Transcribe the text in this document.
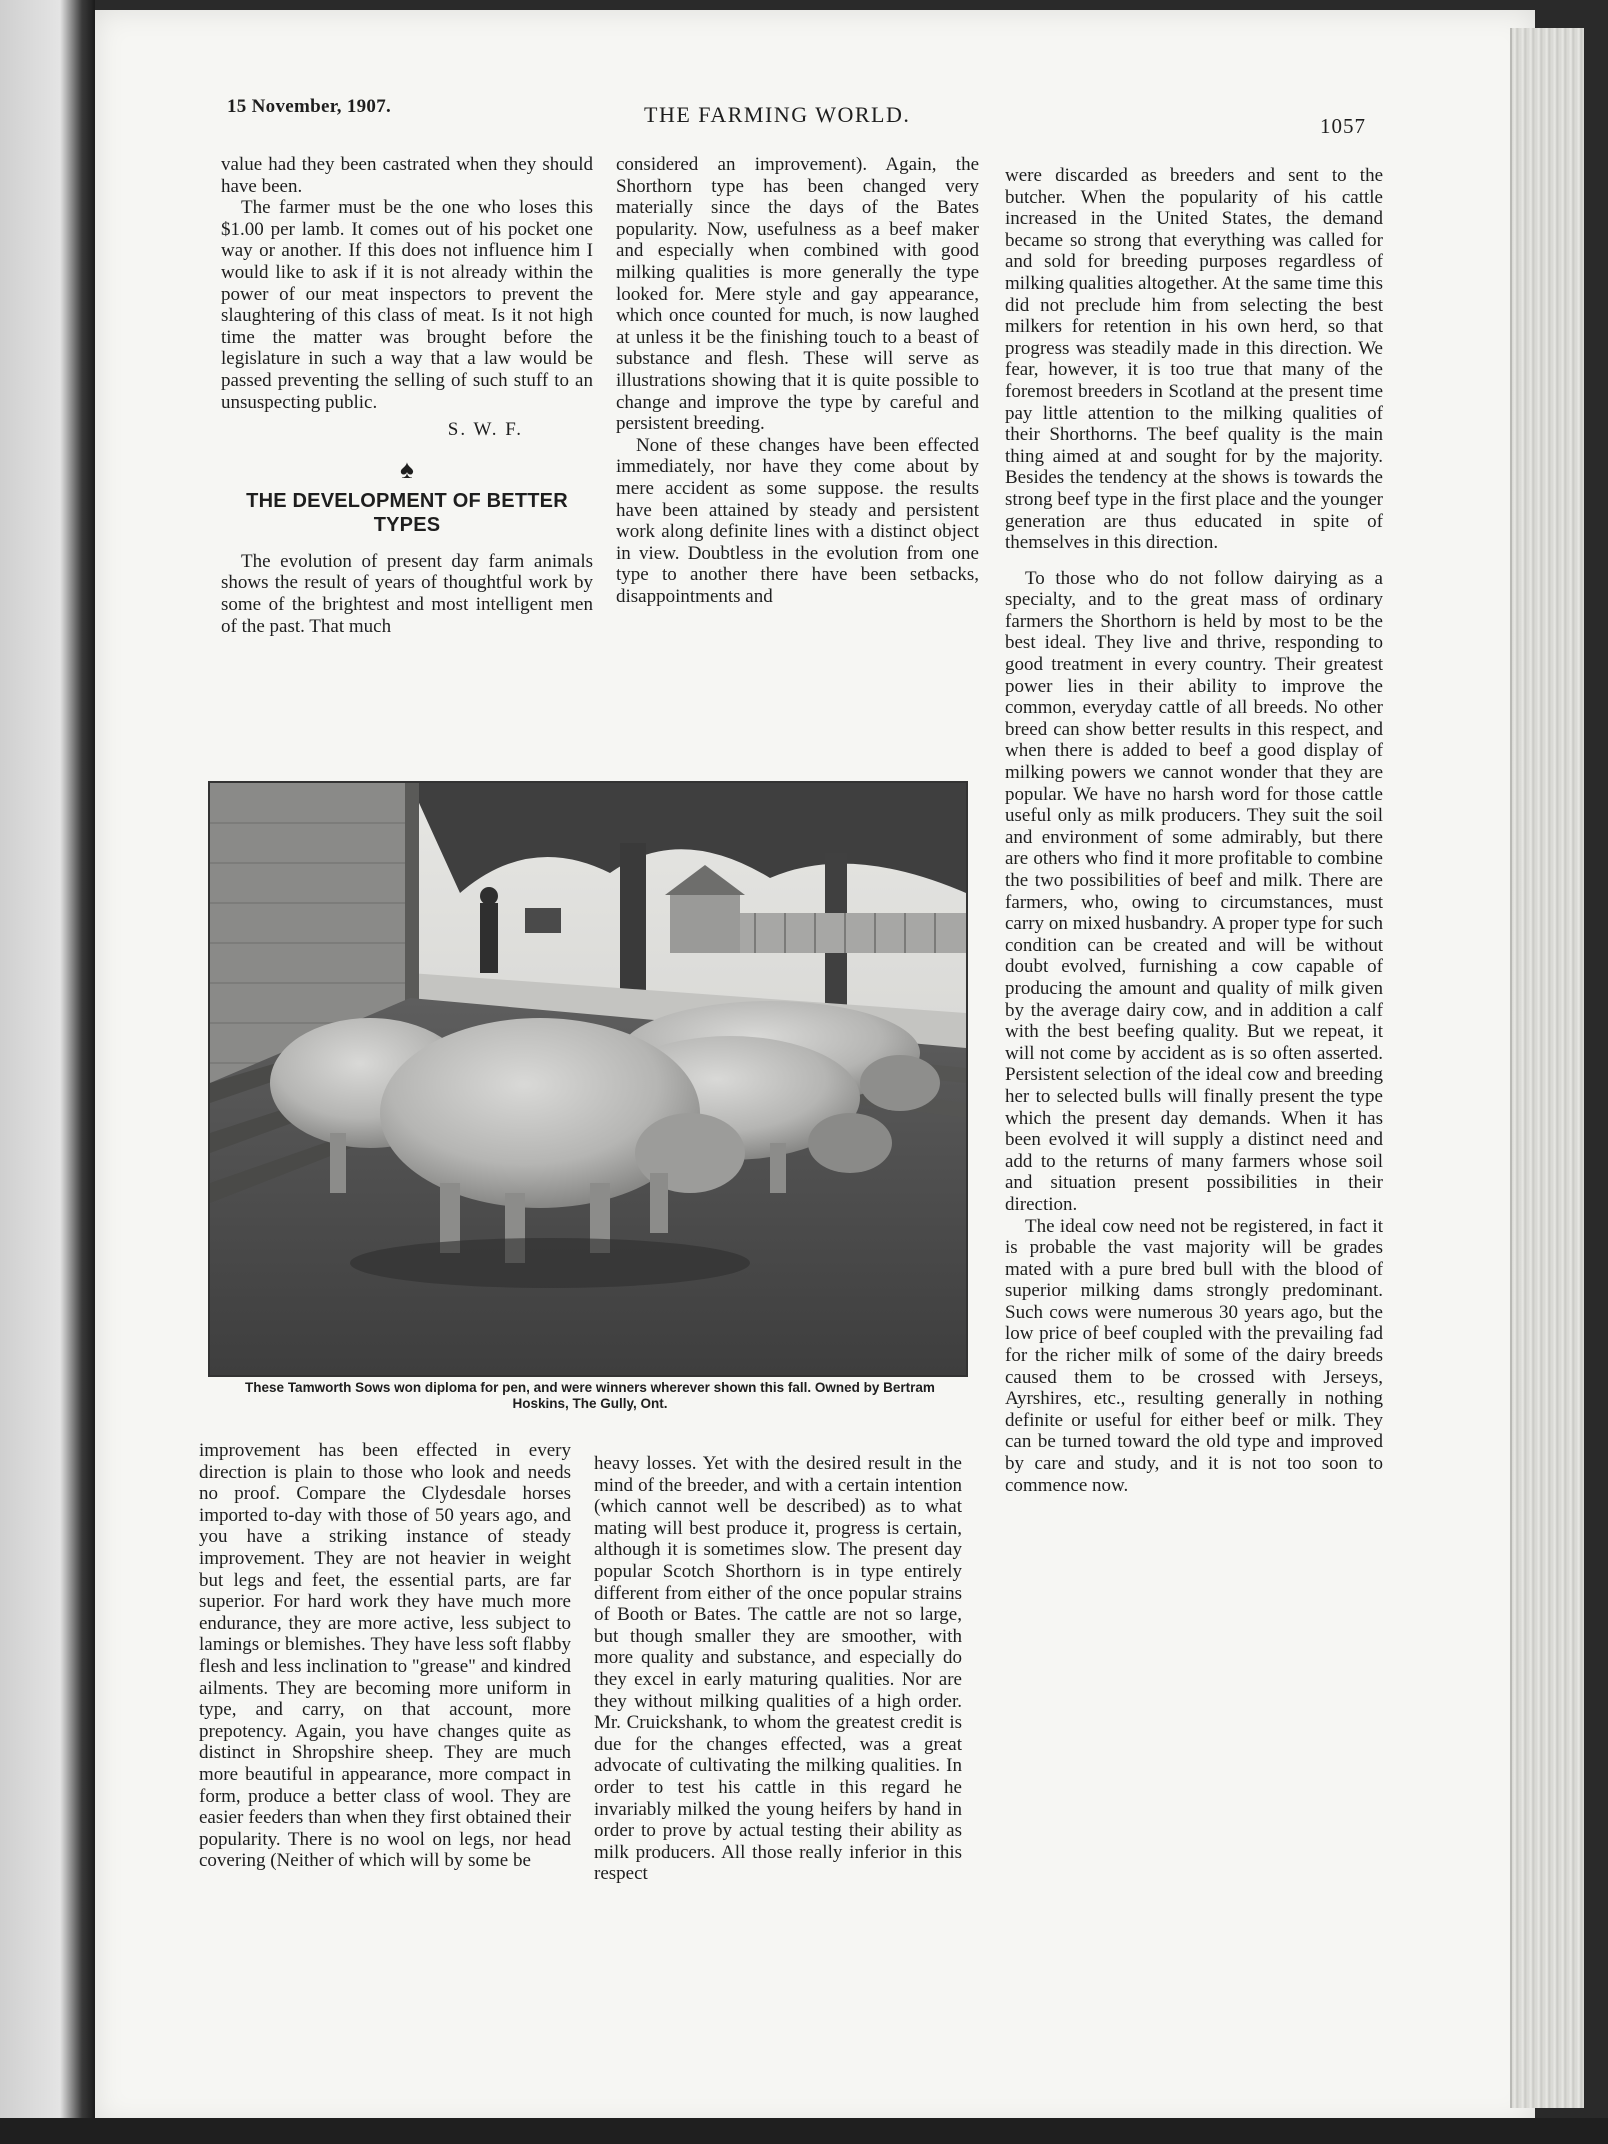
15 November, 1907.	THE FARMING WORLD.	1057

value had they been castrated when they should have been.

The farmer must be the one who loses this $1.00 per lamb. It comes out of his pocket one way or another. If this does not influence him I would like to ask if it is not already within the power of our meat inspectors to prevent the slaughtering of this class of meat. Is it not high time the matter was brought before the legislature in such a way that a law would be passed preventing the selling of such stuff to an unsuspecting public.

S. W. F.
♠
THE DEVELOPMENT OF BETTER TYPES

The evolution of present day farm animals shows the result of years of thoughtful work by some of the brightest and most intelligent men of the past. That much

considered an improvement). Again, the Shorthorn type has been changed very materially since the days of the Bates popularity. Now, usefulness as a beef maker and especially when combined with good milking qualities is more generally the type looked for. Mere style and gay appearance, which once counted for much, is now laughed at unless it be the finishing touch to a beast of substance and flesh. These will serve as illustrations showing that it is quite possible to change and improve the type by careful and persistent breeding.

None of these changes have been effected immediately, nor have they come about by mere accident as some suppose. the results have been attained by steady and persistent work along definite lines with a distinct object in view. Doubtless in the evolution from one type to another there have been setbacks, disappointments and

were discarded as breeders and sent to the butcher. When the popularity of his cattle increased in the United States, the demand became so strong that everything was called for and sold for breeding purposes regardless of milking qualities altogether. At the same time this did not preclude him from selecting the best milkers for retention in his own herd, so that progress was steadily made in this direction. We fear, however, it is too true that many of the foremost breeders in Scotland at the present time pay little attention to the milking qualities of their Shorthorns. The beef quality is the main thing aimed at and sought for by the majority. Besides the tendency at the shows is towards the strong beef type in the first place and the younger generation are thus educated in spite of themselves in this direction.

To those who do not follow dairying as a specialty, and to the great mass of ordinary farmers the Shorthorn is held by most to be the best ideal. They live and thrive, responding to good treatment in every country. Their greatest power lies in their ability to improve the common, everyday cattle of all breeds. No other breed can show better results in this respect, and when there is added to beef a good display of milking powers we cannot wonder that they are popular. We have no harsh word for those cattle useful only as milk producers. They suit the soil and environment of some admirably, but there are others who find it more profitable to combine the two possibilities of beef and milk. There are farmers, who, owing to circumstances, must carry on mixed husbandry. A proper type for such condition can be created and will be without doubt evolved, furnishing a cow capable of producing the amount and quality of milk given by the average dairy cow, and in addition a calf with the best beefing quality. But we repeat, it will not come by accident as is so often asserted. Persistent selection of the ideal cow and breeding her to selected bulls will finally present the type which the present day demands. When it has been evolved it will supply a distinct need and add to the returns of many farmers whose soil and situation present possibilities in their direction.

The ideal cow need not be registered, in fact it is probable the vast majority will be grades mated with a pure bred bull with the blood of superior milking dams strongly predominant. Such cows were numerous 30 years ago, but the low price of beef coupled with the prevailing fad for the richer milk of some of the dairy breeds caused them to be crossed with Jerseys, Ayrshires, etc., resulting generally in nothing definite or useful for either beef or milk. They can be turned toward the old type and improved by care and study, and it is not too soon to commence now.

These Tamworth Sows won diploma for pen, and were winners wherever shown this fall. Owned by Bertram Hoskins, The Gully, Ont.

improvement has been effected in every direction is plain to those who look and needs no proof. Compare the Clydesdale horses imported to-day with those of 50 years ago, and you have a striking instance of steady improvement. They are not heavier in weight but legs and feet, the essential parts, are far superior. For hard work they have much more endurance, they are more active, less subject to lamings or blemishes. They have less soft flabby flesh and less inclination to "grease" and kindred ailments. They are becoming more uniform in type, and carry, on that account, more prepotency. Again, you have changes quite as distinct in Shropshire sheep. They are much more beautiful in appearance, more compact in form, produce a better class of wool. They are easier feeders than when they first obtained their popularity. There is no wool on legs, nor head covering (Neither of which will by some be

heavy losses. Yet with the desired result in the mind of the breeder, and with a certain intention (which cannot well be described) as to what mating will best produce it, progress is certain, although it is sometimes slow. The present day popular Scotch Shorthorn is in type entirely different from either of the once popular strains of Booth or Bates. The cattle are not so large, but though smaller they are smoother, with more quality and substance, and especially do they excel in early maturing qualities. Nor are they without milking qualities of a high order. Mr. Cruickshank, to whom the greatest credit is due for the changes effected, was a great advocate of cultivating the milking qualities. In order to test his cattle in this regard he invariably milked the young heifers by hand in order to prove by actual testing their ability as milk producers. All those really inferior in this respect
